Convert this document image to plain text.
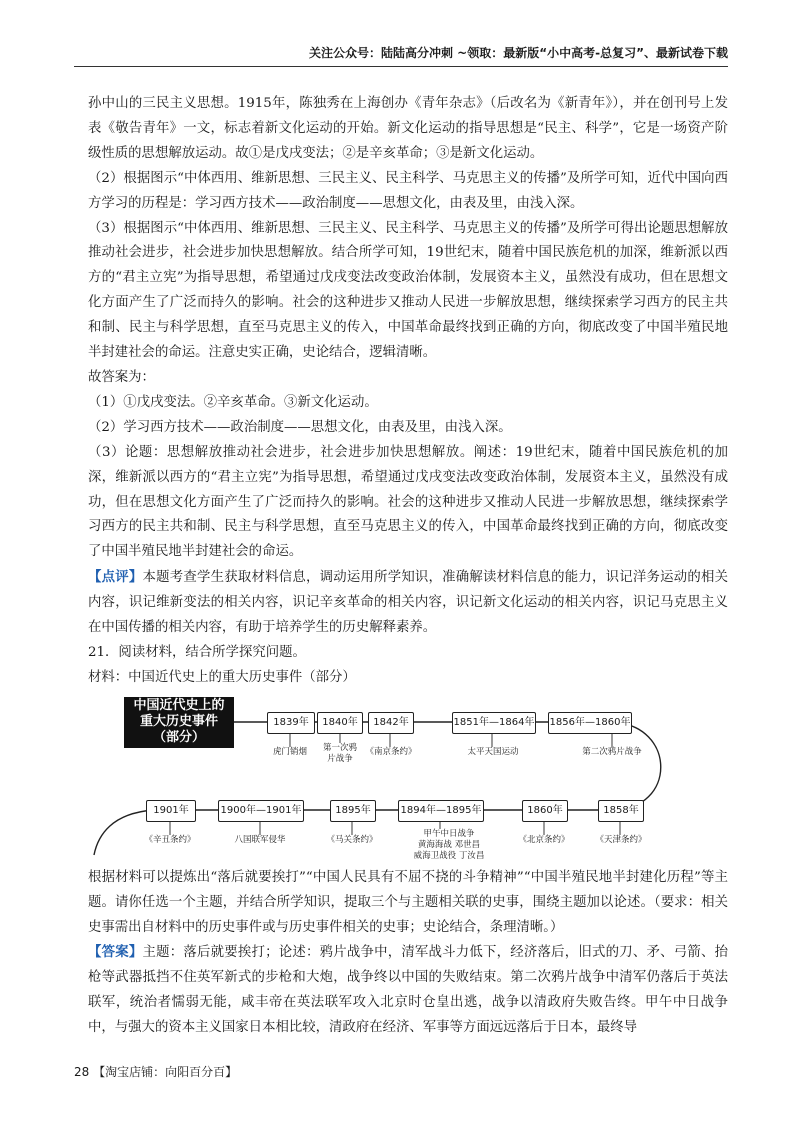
关注公众号：陆陆高分冲刺 ~领取：最新版“小中高考-总复习”、最新试卷下载

孙中山的三民主义思想。1915年，陈独秀在上海创办《青年杂志》（后改名为《新青年》），并在创刊号上发表《敬告青年》一文，标志着新文化运动的开始。新文化运动的指导思想是“民主、科学”，它是一场资产阶级性质的思想解放运动。故①是戊戌变法；②是辛亥革命；③是新文化运动。

（2）根据图示“中体西用、维新思想、三民主义、民主科学、马克思主义的传播”及所学可知，近代中国向西方学习的历程是：学习西方技术——政治制度——思想文化，由表及里，由浅入深。

（3）根据图示“中体西用、维新思想、三民主义、民主科学、马克思主义的传播”及所学可得出论题思想解放推动社会进步，社会进步加快思想解放。结合所学可知，19世纪末，随着中国民族危机的加深，维新派以西方的“君主立宪”为指导思想，希望通过戊戌变法改变政治体制，发展资本主义，虽然没有成功，但在思想文化方面产生了广泛而持久的影响。社会的这种进步又推动人民进一步解放思想，继续探索学习西方的民主共和制、民主与科学思想，直至马克思主义的传入，中国革命最终找到正确的方向，彻底改变了中国半殖民地半封建社会的命运。注意史实正确，史论结合，逻辑清晰。

故答案为：

（1）①戊戌变法。②辛亥革命。③新文化运动。

（2）学习西方技术——政治制度——思想文化，由表及里，由浅入深。

（3）论题：思想解放推动社会进步，社会进步加快思想解放。阐述：19世纪末，随着中国民族危机的加深，维新派以西方的“君主立宪”为指导思想，希望通过戊戌变法改变政治体制，发展资本主义，虽然没有成功，但在思想文化方面产生了广泛而持久的影响。社会的这种进步又推动人民进一步解放思想，继续探索学习西方的民主共和制、民主与科学思想，直至马克思主义的传入，中国革命最终找到正确的方向，彻底改变了中国半殖民地半封建社会的命运。

【点评】本题考查学生获取材料信息，调动运用所学知识，准确解读材料信息的能力，识记洋务运动的相关内容，识记维新变法的相关内容，识记辛亥革命的相关内容，识记新文化运动的相关内容，识记马克思主义在中国传播的相关内容，有助于培养学生的历史解释素养。

21．阅读材料，结合所学探究问题。

材料：中国近代史上的重大历史事件（部分）

中国近代史上的
重大历史事件
（部分）
1839年	1840年	1842年	1851年—1864年 1856年—1860年
虎门销烟	第一次鸦
片战争
《南京条约》	太平天国运动	第二次鸦片战争
1901年	1900年—1901年	1895年	1894年—1895年	1860年	1858年
《辛丑条约》	八国联军侵华	《马关条约》
甲午中日战争
黄海海战 邓世昌
威海卫战役 丁汝昌
《北京条约》	《天津条约》

根据材料可以提炼出“落后就要挨打”“中国人民具有不屈不挠的斗争精神”“中国半殖民地半封建化历程”等主题。请你任选一个主题，并结合所学知识，提取三个与主题相关联的史事，围绕主题加以论述。（要求：相关史事需出自材料中的历史事件或与历史事件相关的史事；史论结合，条理清晰。）

【答案】主题：落后就要挨打；论述：鸦片战争中，清军战斗力低下，经济落后，旧式的刀、矛、弓箭、抬枪等武器抵挡不住英军新式的步枪和大炮，战争终以中国的失败结束。第二次鸦片战争中清军仍落后于英法联军，统治者懦弱无能，咸丰帝在英法联军攻入北京时仓皇出逃，战争以清政府失败告终。甲午中日战争中，与强大的资本主义国家日本相比较，清政府在经济、军事等方面远远落后于日本，最终导

28 【淘宝店铺：向阳百分百】
